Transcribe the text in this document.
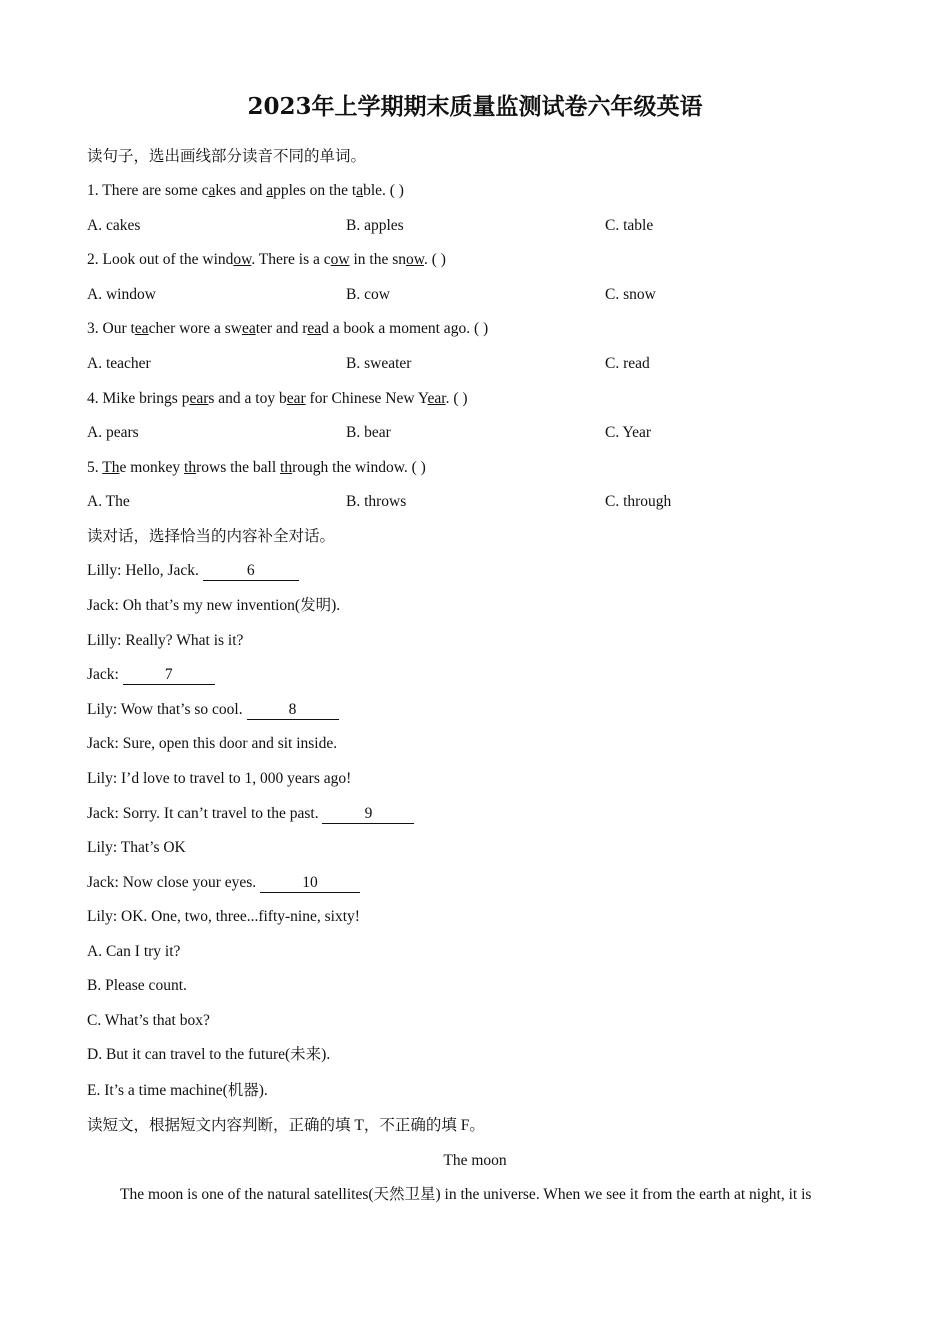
2023年上学期期末质量监测试卷六年级英语
读句子，选出画线部分读音不同的单词。
1. There are some cakes and apples on the table. ( )
A. cakes	B. apples	C. table
2. Look out of the window. There is a cow in the snow. ( )
A. window	B. cow	C. snow
3. Our teacher wore a sweater and read a book a moment ago. ( )
A. teacher	B. sweater	C. read
4. Mike brings pears and a toy bear for Chinese New Year. ( )
A. pears	B. bear	C. Year
5. The monkey throws the ball through the window. ( )
A. The	B. throws	C. through
读对话，选择恰当的内容补全对话。
Lilly: Hello, Jack.	6
Jack: Oh that’s my new invention(发明).
Lilly: Really? What is it?
Jack:	7
Lily: Wow that’s so cool.	8
Jack: Sure, open this door and sit inside.
Lily: I’d love to travel to 1, 000 years ago!
Jack: Sorry. It can’t travel to the past.	9
Lily: That’s OK
Jack: Now close your eyes.	10
Lily: OK. One, two, three...fifty-nine, sixty!
A. Can I try it?
B. Please count.
C. What’s that box?
D. But it can travel to the future(未来).
E. It’s a time machine(机器).
读短文，根据短文内容判断，正确的填 T，不正确的填 F。
The moon
The moon is one of the natural satellites(天然卫星) in the universe. When we see it from the earth at night, it is
